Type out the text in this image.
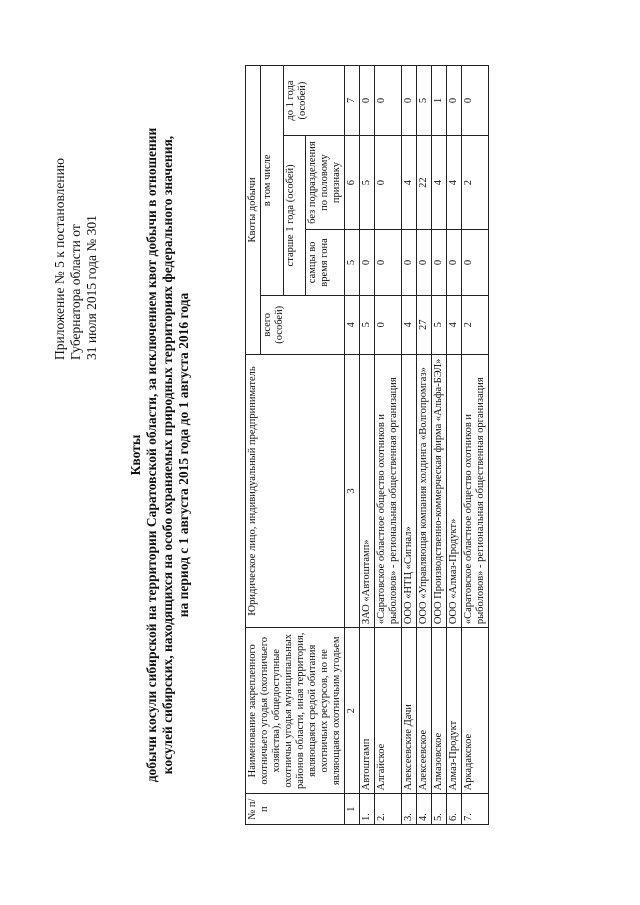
Приложение № 5 к постановлению Губернатора области от 31 июля 2015 года № 301
Квоты добычи косули сибирской на территории Саратовской области, за исключением квот добычи в отношении косулей сибирских, находящихся на особо охраняемых природных территориях федерального значения, на период с 1 августа 2015 года до 1 августа 2016 года
№ п/п	Наименование закрепленного охотничьего угодья (охотничьего хозяйства), общедоступные охотничьи угодья муниципальных районов области, иная территория, являющаяся средой обитания охотничьих ресурсов, но не являющаяся охотничьим угодьем	Юридическое лицо, индивидуальный предприниматель	Квоты добычи			
			всего (особей)	в том числе		
				старше 1 года (особей)		до 1 года (особей)
				самцы во время гона	без подразделения по половому признаку	
1	2	3	4	5	6	7
1.	Автоштамп	ЗАО «Автоштамп»	5	0	5	0
2.	Алгайское	«Саратовское областное общество охотников и рыболовов» - региональная общественная организация	0	0	0	0
3.	Алексеевские Дачи	ООО «НТЦ «Сигнал»	4	0	4	0
4.	Алексеевское	ООО «Управляющая компания холдинга «Волгопромгаз»	27	0	22	5
5.	Алмазовское	ООО Производственно-коммерческая фирма «Альфа-БЭЛ»	5	0	4	1
6.	Алмаз-Продукт	ООО «Алмаз-Продукт»	4	0	4	0
7.	Аркадакское	«Саратовское областное общество охотников и рыболовов» - региональная общественная организация	2	0	2	0
